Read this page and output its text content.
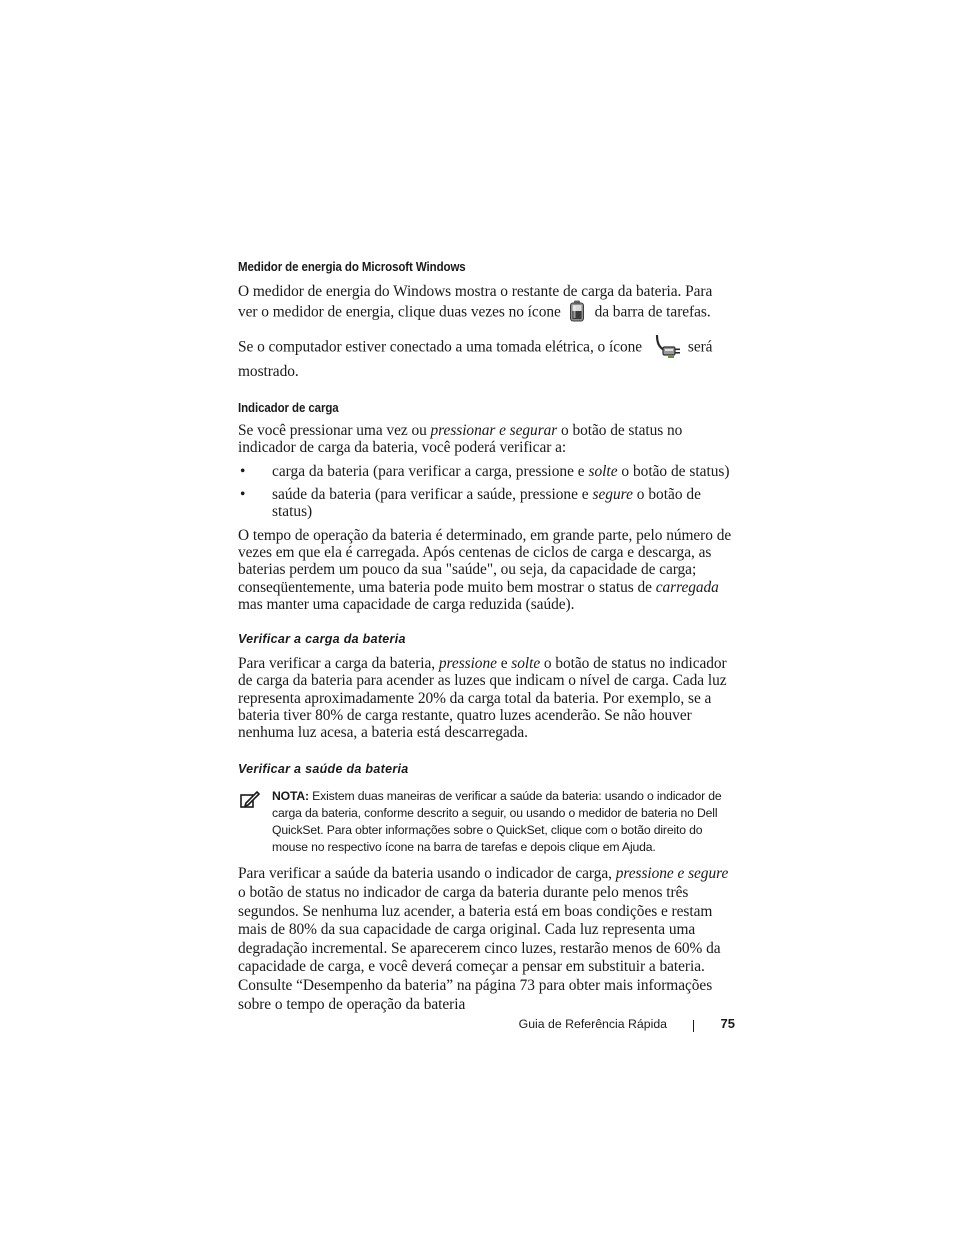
Medidor de energia do Microsoft Windows

O medidor de energia do Windows mostra o restante de carga da bateria. Para ver o medidor de energia, clique duas vezes no ícone da barra de tarefas.

Se o computador estiver conectado a uma tomada elétrica, o ícone	será mostrado.

Indicador de carga

Se você pressionar uma vez ou pressionar e segurar o botão de status no indicador de carga da bateria, você poderá verificar a:

• carga da bateria (para verificar a carga, pressione e solte o botão de status)
• saúde da bateria (para verificar a saúde, pressione e segure o botão de status)

O tempo de operação da bateria é determinado, em grande parte, pelo número de vezes em que ela é carregada. Após centenas de ciclos de carga e descarga, as baterias perdem um pouco da sua "saúde", ou seja, da capacidade de carga; conseqüentemente, uma bateria pode muito bem mostrar o status de carregada mas manter uma capacidade de carga reduzida (saúde).

Verificar a carga da bateria

Para verificar a carga da bateria, pressione e solte o botão de status no indicador de carga da bateria para acender as luzes que indicam o nível de carga. Cada luz representa aproximadamente 20% da carga total da bateria. Por exemplo, se a bateria tiver 80% de carga restante, quatro luzes acenderão. Se não houver nenhuma luz acesa, a bateria está descarregada.

Verificar a saúde da bateria
NOTA: Existem duas maneiras de verificar a saúde da bateria: usando o indicador de carga da bateria, conforme descrito a seguir, ou usando o medidor de bateria no Dell QuickSet. Para obter informações sobre o QuickSet, clique com o botão direito do mouse no respectivo ícone na barra de tarefas e depois clique em Ajuda.

Para verificar a saúde da bateria usando o indicador de carga, pressione e segure o botão de status no indicador de carga da bateria durante pelo menos três segundos. Se nenhuma luz acender, a bateria está em boas condições e restam mais de 80% da sua capacidade de carga original. Cada luz representa uma degradação incremental. Se aparecerem cinco luzes, restarão menos de 60% da capacidade de carga, e você deverá começar a pensar em substituir a bateria. Consulte “Desempenho da bateria” na página 73 para obter mais informações sobre o tempo de operação da bateria

Guia de Referência Rápida	75
